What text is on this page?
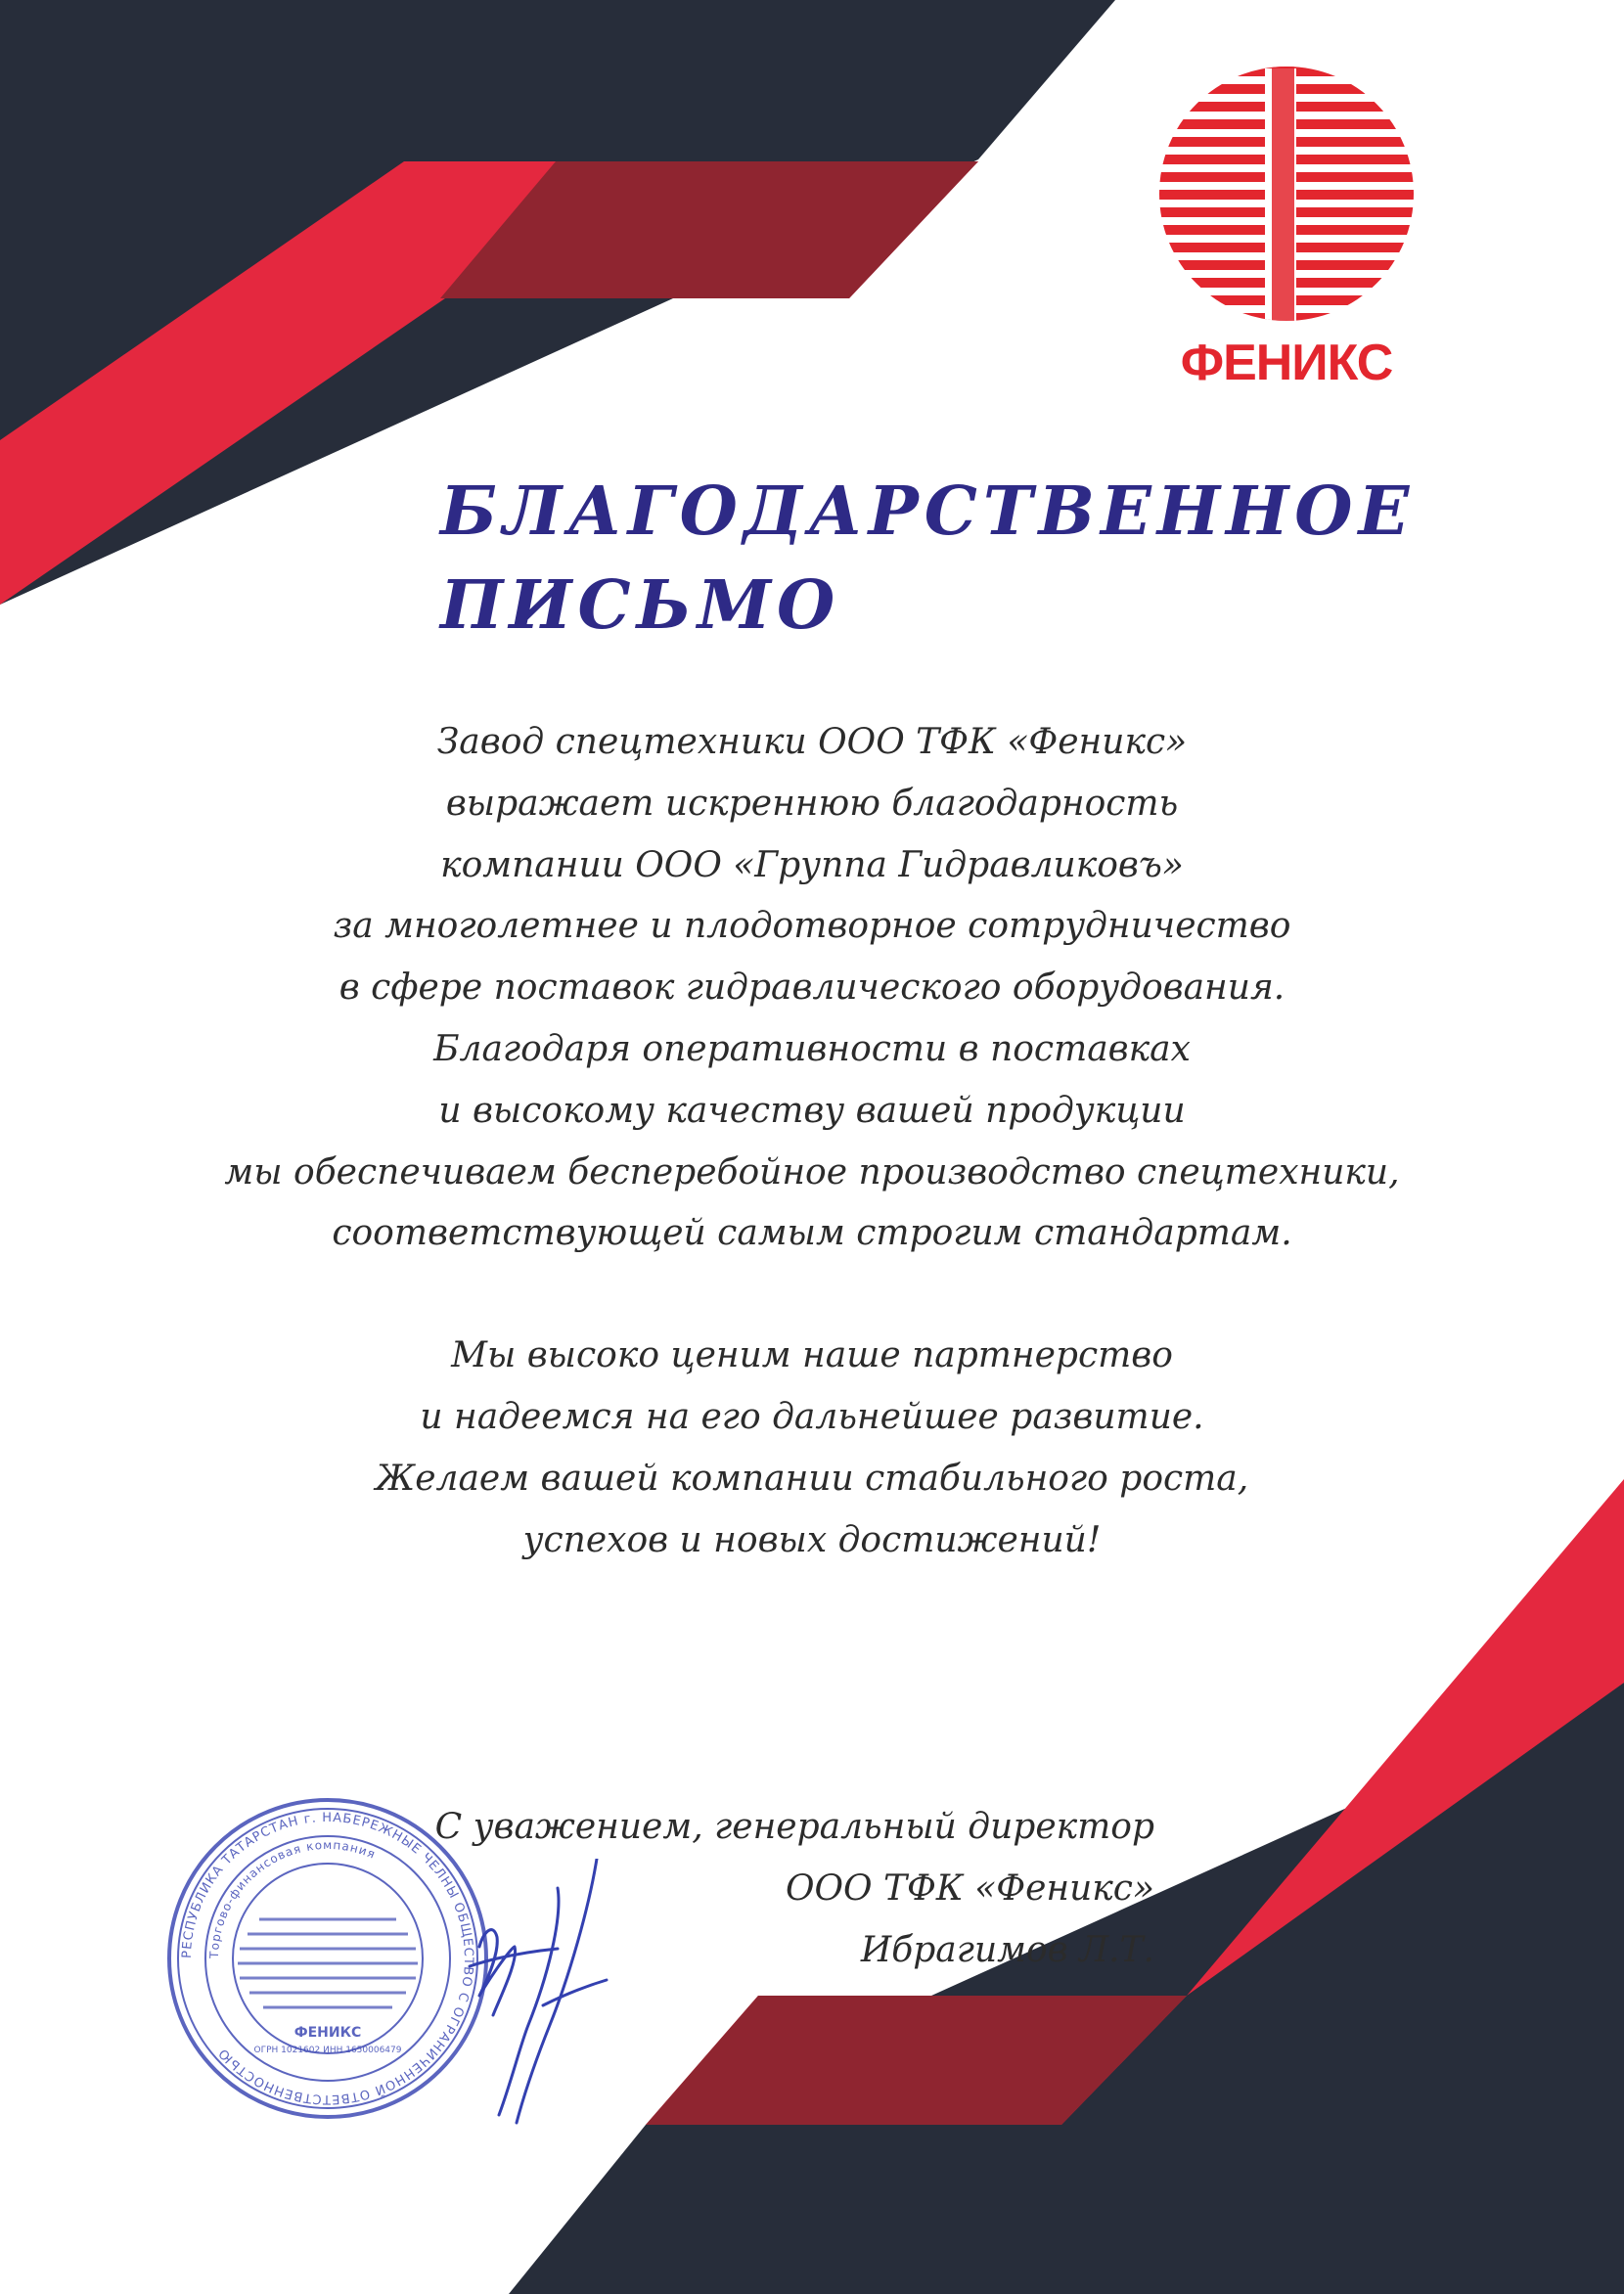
ФЕНИКС
БЛАГОДАРСТВЕННОЕ
ПИСЬМО
Завод спецтехники ООО ТФК «Феникс»
выражает искреннюю благодарность
компании ООО «Группа Гидравликовъ»
за многолетнее и плодотворное сотрудничество
в сфере поставок гидравлического оборудования.
Благодаря оперативности в поставках
и высокому качеству вашей продукции
мы обеспечиваем бесперебойное производство спецтехники,
соответствующей самым строгим стандартам.
Мы высоко ценим наше партнерство
и надеемся на его дальнейшее развитие.
Желаем вашей компании стабильного роста,
успехов и новых достижений!
С уважением, генеральный директор
ООО ТФК «Феникс»
Ибрагимов Л.Т.
РЕСПУБЛИКА ТАТАРСТАН г. НАБЕРЕЖНЫЕ ЧЕЛНЫ ОБЩЕСТВО С ОГРАНИЧЕННОЙ ОТВЕТСТВЕННОСТЬЮ
Торгово-финансовая компания
ФЕНИКС
ОГРН 1021602 ИНН 1650006479
